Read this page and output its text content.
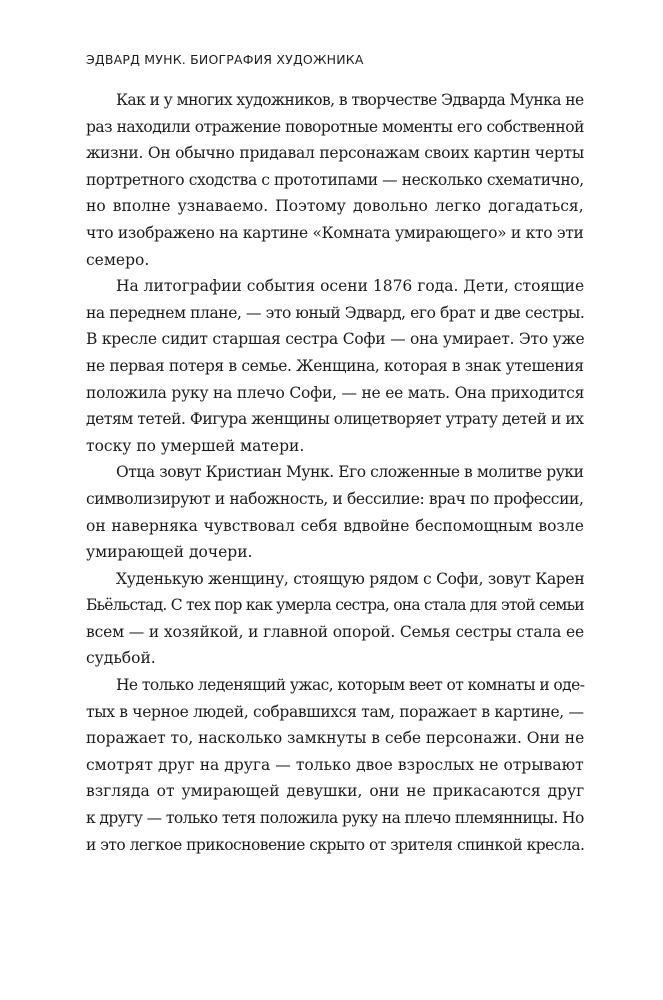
ЭДВАРД МУНК. БИОГРАФИЯ ХУДОЖНИКА
Как и у многих художников, в творчестве Эдварда Мунка не
раз находили отражение поворотные моменты его собственной
жизни. Он обычно придавал персонажам своих картин черты
портретного сходства с прототипами — несколько схематично,
но вполне узнаваемо. Поэтому довольно легко догадаться,
что изображено на картине «Комната умирающего» и кто эти
семеро.
На литографии события осени 1876 года. Дети, стоящие
на переднем плане, — это юный Эдвард, его брат и две сестры.
В кресле сидит старшая сестра Софи — она умирает. Это уже
не первая потеря в семье. Женщина, которая в знак утешения
положила руку на плечо Софи, — не ее мать. Она приходится
детям тетей. Фигура женщины олицетворяет утрату детей и их
тоску по умершей матери.
Отца зовут Кристиан Мунк. Его сложенные в молитве руки
символизируют и набожность, и бессилие: врач по профессии,
он наверняка чувствовал себя вдвойне беспомощным возле
умирающей дочери.
Худенькую женщину, стоящую рядом с Софи, зовут Карен
Бьёльстад. С тех пор как умерла сестра, она стала для этой семьи
всем — и хозяйкой, и главной опорой. Семья сестры стала ее
судьбой.
Не только леденящий ужас, которым веет от комнаты и оде-
тых в черное людей, собравшихся там, поражает в картине, —
поражает то, насколько замкнуты в себе персонажи. Они не
смотрят друг на друга — только двое взрослых не отрывают
взгляда от умирающей девушки, они не прикасаются друг
к другу — только тетя положила руку на плечо племянницы. Но
и это легкое прикосновение скрыто от зрителя спинкой кресла.
